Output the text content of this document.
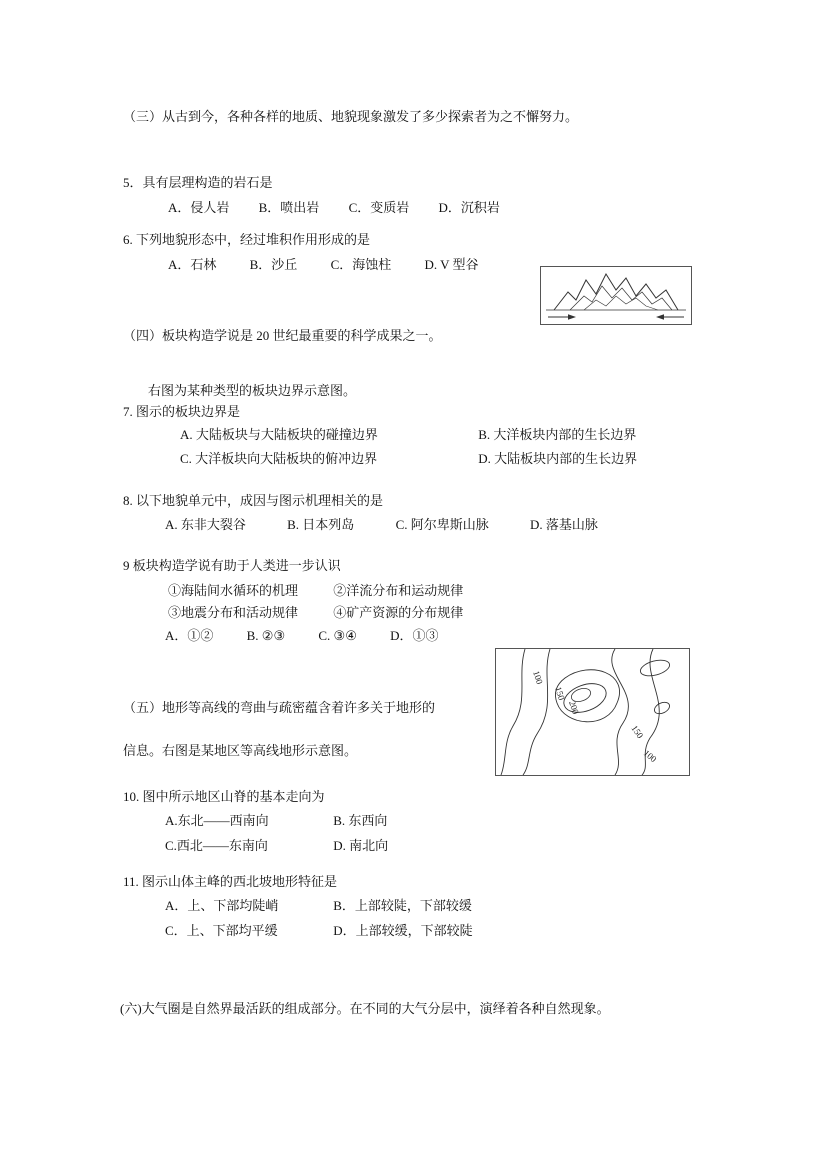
（三）从古到今，各种各样的地质、地貌现象激发了多少探索者为之不懈努力。
5．具有层理构造的岩石是
A．侵人岩 B．喷出岩 C．变质岩 D．沉积岩
6. 下列地貌形态中，经过堆积作用形成的是
A．石林	B．沙丘	C．海蚀柱	D. V 型谷
（四）板块构造学说是 20 世纪最重要的科学成果之一。
右图为某种类型的板块边界示意图。
7. 图示的板块边界是
A. 大陆板块与大陆板块的碰撞边界	B. 大洋板块内部的生长边界
C. 大洋板块向大陆板块的俯冲边界	D. 大陆板块内部的生长边界
8. 以下地貌单元中，成因与图示机理相关的是
A. 东非大裂谷	B. 日本列岛	C. 阿尔卑斯山脉	D. 落基山脉
9 板块构造学说有助于人类进一步认识
①海陆间水循环的机理	②洋流分布和运动规律
③地震分布和活动规律	④矿产资源的分布规律
A．①②	B. ②③	C. ③④	D．①③
100
150
200
150
100
（五）地形等高线的弯曲与疏密蕴含着许多关于地形的
信息。右图是某地区等高线地形示意图。
10. 图中所示地区山脊的基本走向为
A.东北——西南向	B. 东西向
C.西北——东南向	D. 南北向
11. 图示山体主峰的西北坡地形特征是
A．上、下部均陡峭	B．上部较陡，下部较缓
C．上、下部均平缓	D．上部较缓，下部较陡
(六)大气圈是自然界最活跃的组成部分。在不同的大气分层中，演绎着各种自然现象。
